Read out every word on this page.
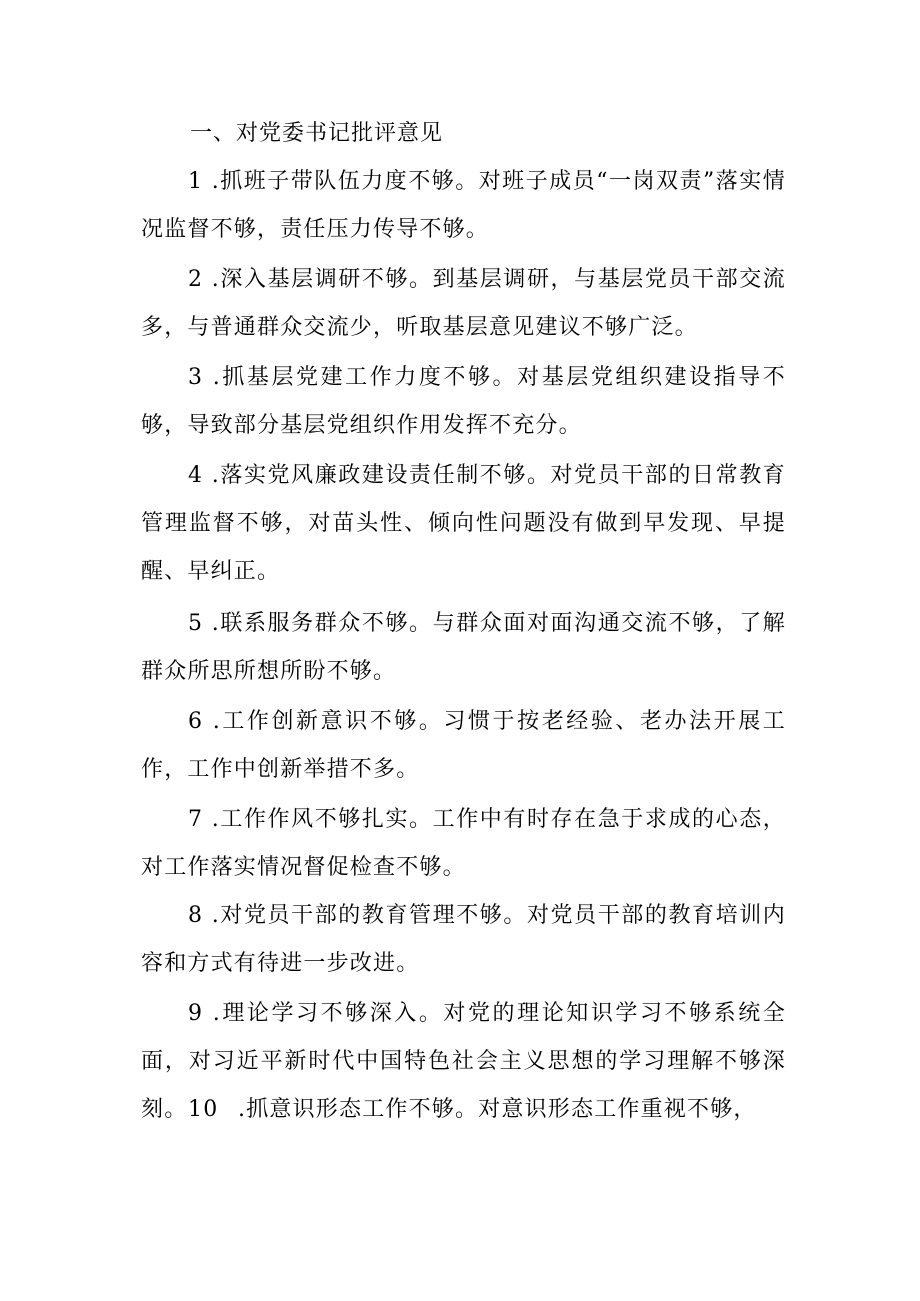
一、对党委书记批评意见

1 .抓班子带队伍力度不够。对班子成员“一岗双责”落实情况监督不够，责任压力传导不够。

2 .深入基层调研不够。到基层调研，与基层党员干部交流多，与普通群众交流少，听取基层意见建议不够广泛。

3 .抓基层党建工作力度不够。对基层党组织建设指导不够，导致部分基层党组织作用发挥不充分。

4 .落实党风廉政建设责任制不够。对党员干部的日常教育管理监督不够，对苗头性、倾向性问题没有做到早发现、早提醒、早纠正。

5 .联系服务群众不够。与群众面对面沟通交流不够，了解群众所思所想所盼不够。

6 .工作创新意识不够。习惯于按老经验、老办法开展工作，工作中创新举措不多。

7 .工作作风不够扎实。工作中有时存在急于求成的心态，对工作落实情况督促检查不够。

8 .对党员干部的教育管理不够。对党员干部的教育培训内容和方式有待进一步改进。

9 .理论学习不够深入。对党的理论知识学习不够系统全面，对习近平新时代中国特色社会主义思想的学习理解不够深刻。 10 .抓意识形态工作不够。对意识形态工作重视不够，
